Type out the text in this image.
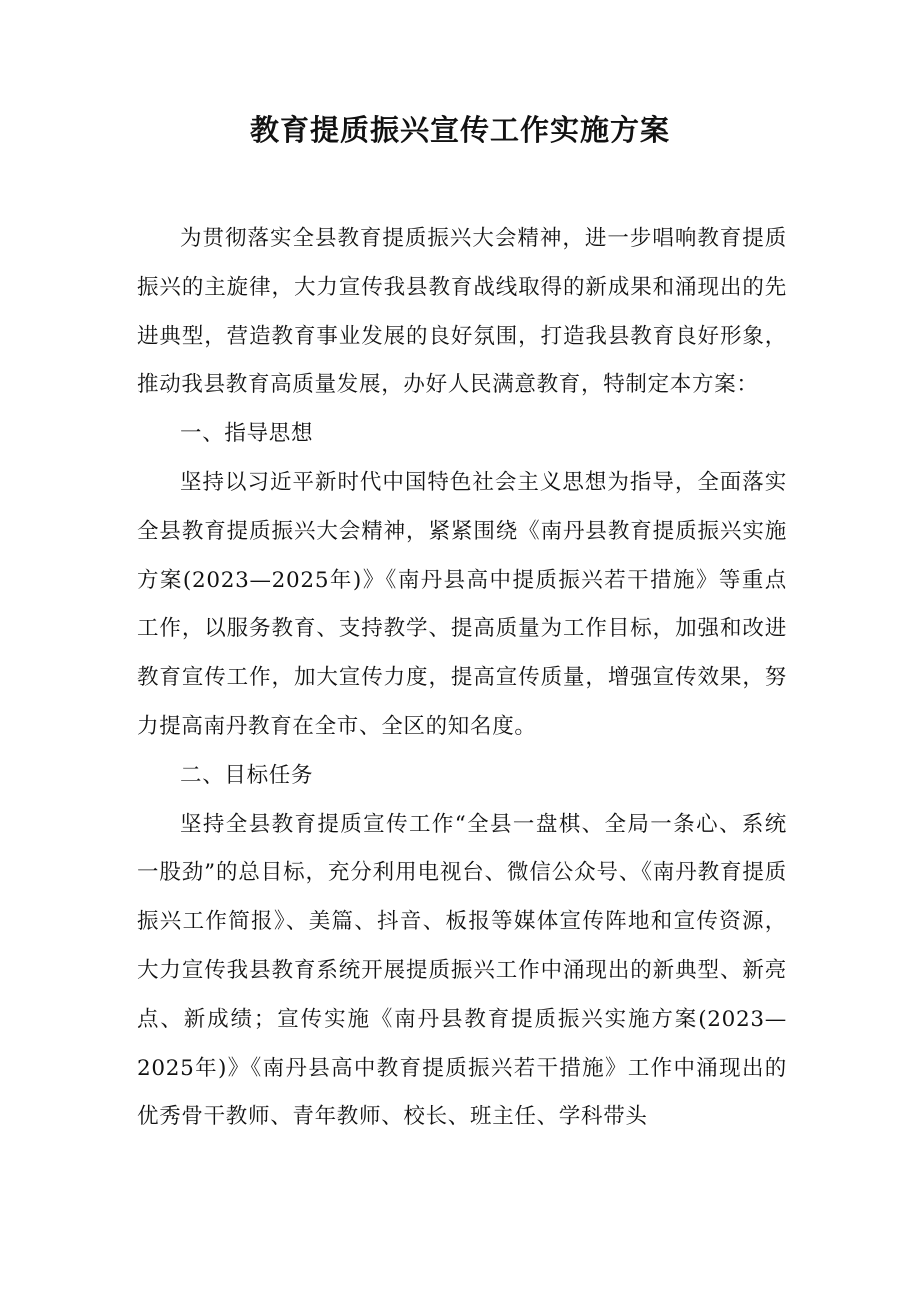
教育提质振兴宣传工作实施方案

为贯彻落实全县教育提质振兴大会精神，进一步唱响教育提质振兴的主旋律，大力宣传我县教育战线取得的新成果和涌现出的先进典型，营造教育事业发展的良好氛围，打造我县教育良好形象，推动我县教育高质量发展，办好人民满意教育，特制定本方案：

一、指导思想

坚持以习近平新时代中国特色社会主义思想为指导，全面落实全县教育提质振兴大会精神，紧紧围绕《南丹县教育提质振兴实施方案(2023—2025年)》《南丹县高中提质振兴若干措施》等重点工作，以服务教育、支持教学、提高质量为工作目标，加强和改进教育宣传工作，加大宣传力度，提高宣传质量，增强宣传效果，努力提高南丹教育在全市、全区的知名度。

二、目标任务

坚持全县教育提质宣传工作“全县一盘棋、全局一条心、系统一股劲”的总目标，充分利用电视台、微信公众号、《南丹教育提质振兴工作简报》、美篇、抖音、板报等媒体宣传阵地和宣传资源，大力宣传我县教育系统开展提质振兴工作中涌现出的新典型、新亮点、新成绩；宣传实施《南丹县教育提质振兴实施方案(2023—2025年)》《南丹县高中教育提质振兴若干措施》工作中涌现出的优秀骨干教师、青年教师、校长、班主任、学科带头
